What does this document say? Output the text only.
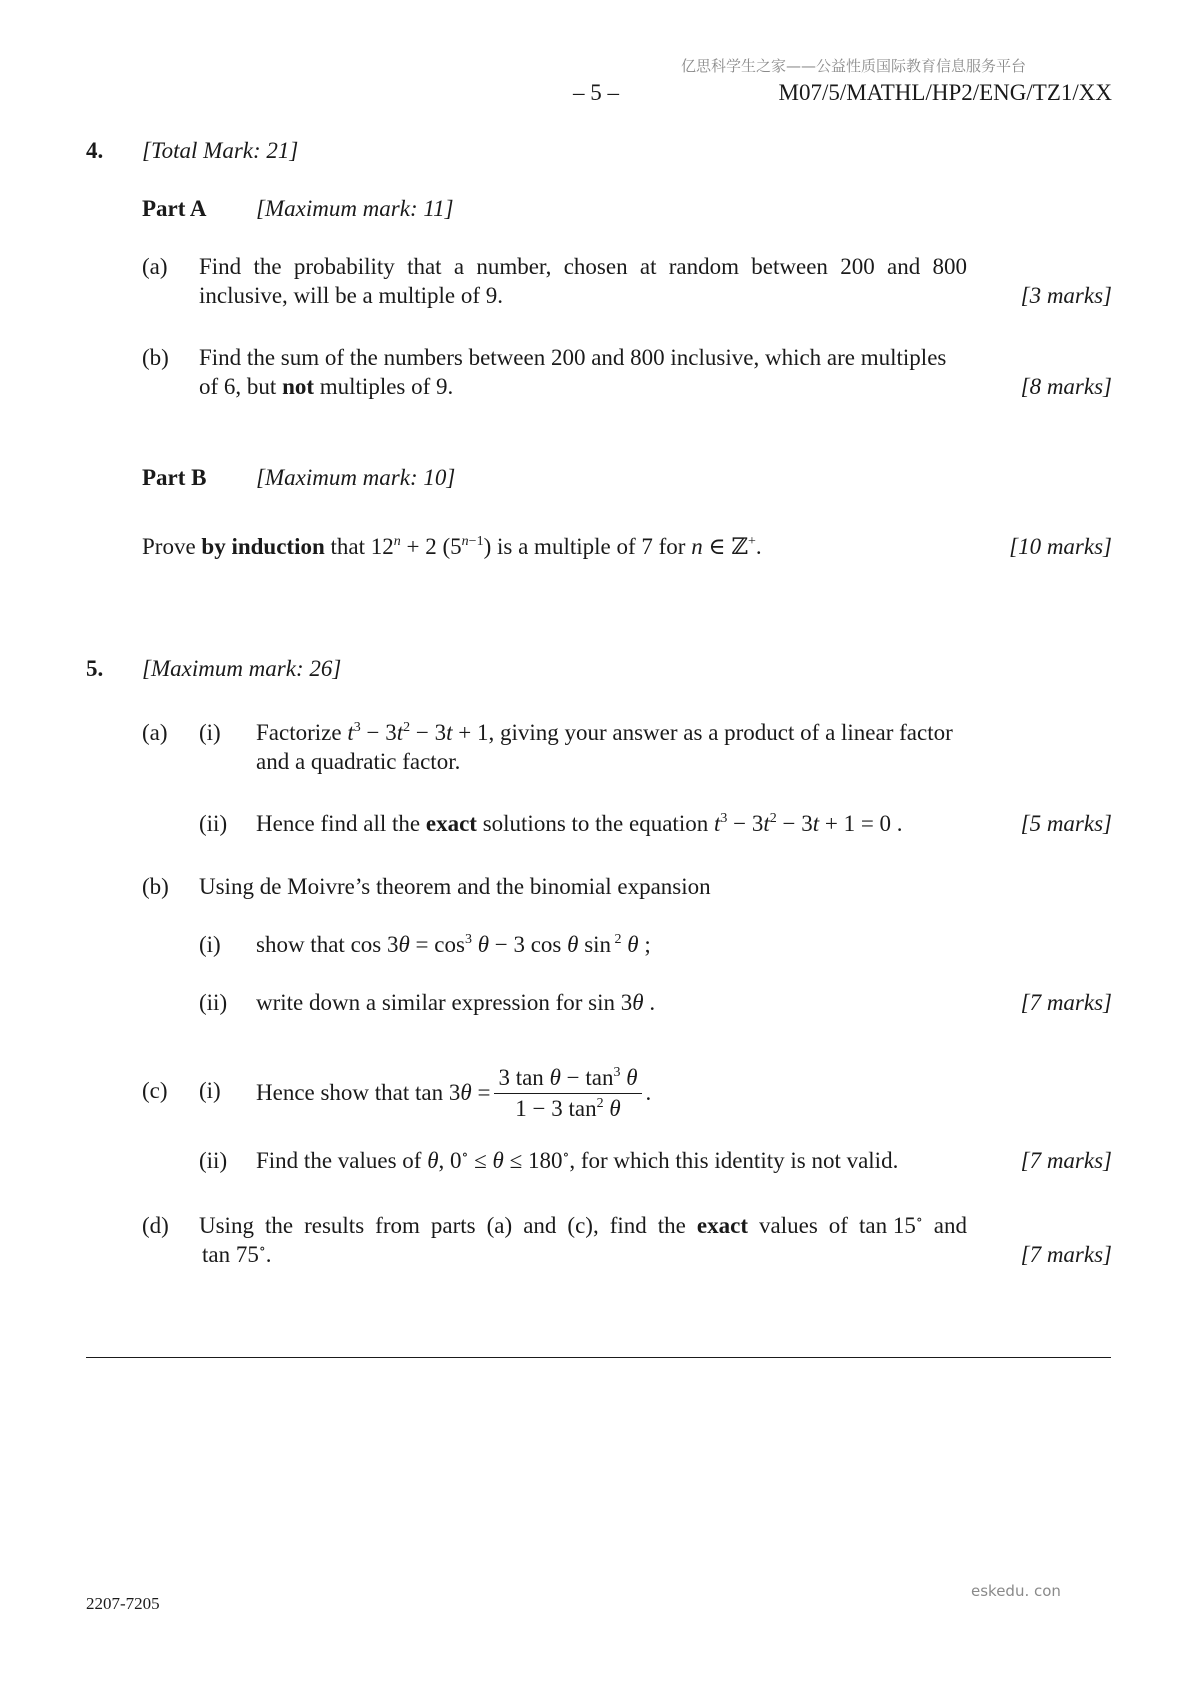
亿思科学生之家——公益性质国际教育信息服务平台
– 5 –	M07/5/MATHL/HP2/ENG/TZ1/XX
4. [Total Mark: 21]
Part A [Maximum mark: 11]
(a) Find the probability that a number, chosen at random between 200 and 800
inclusive, will be a multiple of 9.	[3 marks]
(b) Find the sum of the numbers between 200 and 800 inclusive, which are multiples
of 6, but not multiples of 9.	[8 marks]
Part B [Maximum mark: 10]
Prove by induction that $12^n + 2$ $(5^{n-1})$ is a multiple of 7 for n ∈ ℤ+.	[10 marks]
5. [Maximum mark: 26]
(a) (i) Factorize $t^3 - 3t^2 - 3t + 1$, giving your answer as a product of a linear factor
and a quadratic factor.
(ii) Hence find all the exact solutions to the equation $t^3 - 3t^2 - 3t + 1 = 0$ .	[5 marks]
(b) Using de Moivre’s theorem and the binomial expansion
(i) show that $\cos 3\theta = \cos^3 \theta - 3$ cos θ sin $^2$ θ ;
(ii) write down a similar expression for sin 3θ .	[7 marks]
(c) (i) Hence show that $\tan 3\theta = \frac{3 \tan \theta - \tan^3 \theta}{1 - 3 \tan^2 \theta}$ .
(ii) Find the values of θ, 0∘ ≤ θ ≤ 180∘, for which this identity is not valid.	[7 marks]
(d) Using the results from parts (a) and (c), find the exact values of tan 15∘ and
tan 75∘.	[7 marks]
2207-7205
eskedu. con
